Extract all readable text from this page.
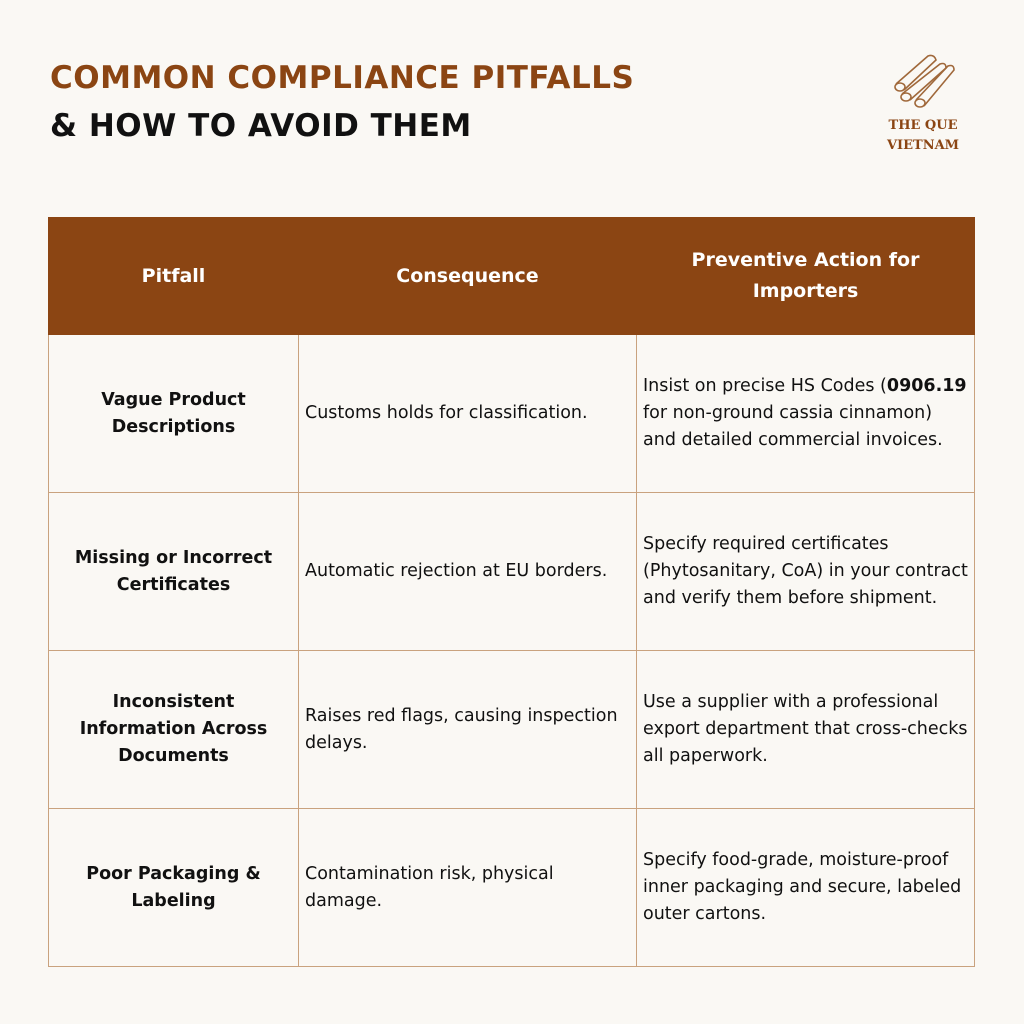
COMMON COMPLIANCE PITFALLS
& HOW TO AVOID THEM	THE QUE
VIETNAM
Pitfall	Consequence	Preventive Action for Importers
Vague Product Descriptions	Customs holds for classification.	Insist on precise HS Codes (0906.19 for non-ground cassia cinnamon) and detailed commercial invoices.
Missing or Incorrect Certificates	Automatic rejection at EU borders.	Specify required certificates (Phytosanitary, CoA) in your contract and verify them before shipment.
Inconsistent Information Across Documents	Raises red flags, causing inspection delays.	Use a supplier with a professional export department that cross-checks all paperwork.
Poor Packaging & Labeling	Contamination risk, physical damage.	Specify food-grade, moisture-proof inner packaging and secure, labeled outer cartons.
